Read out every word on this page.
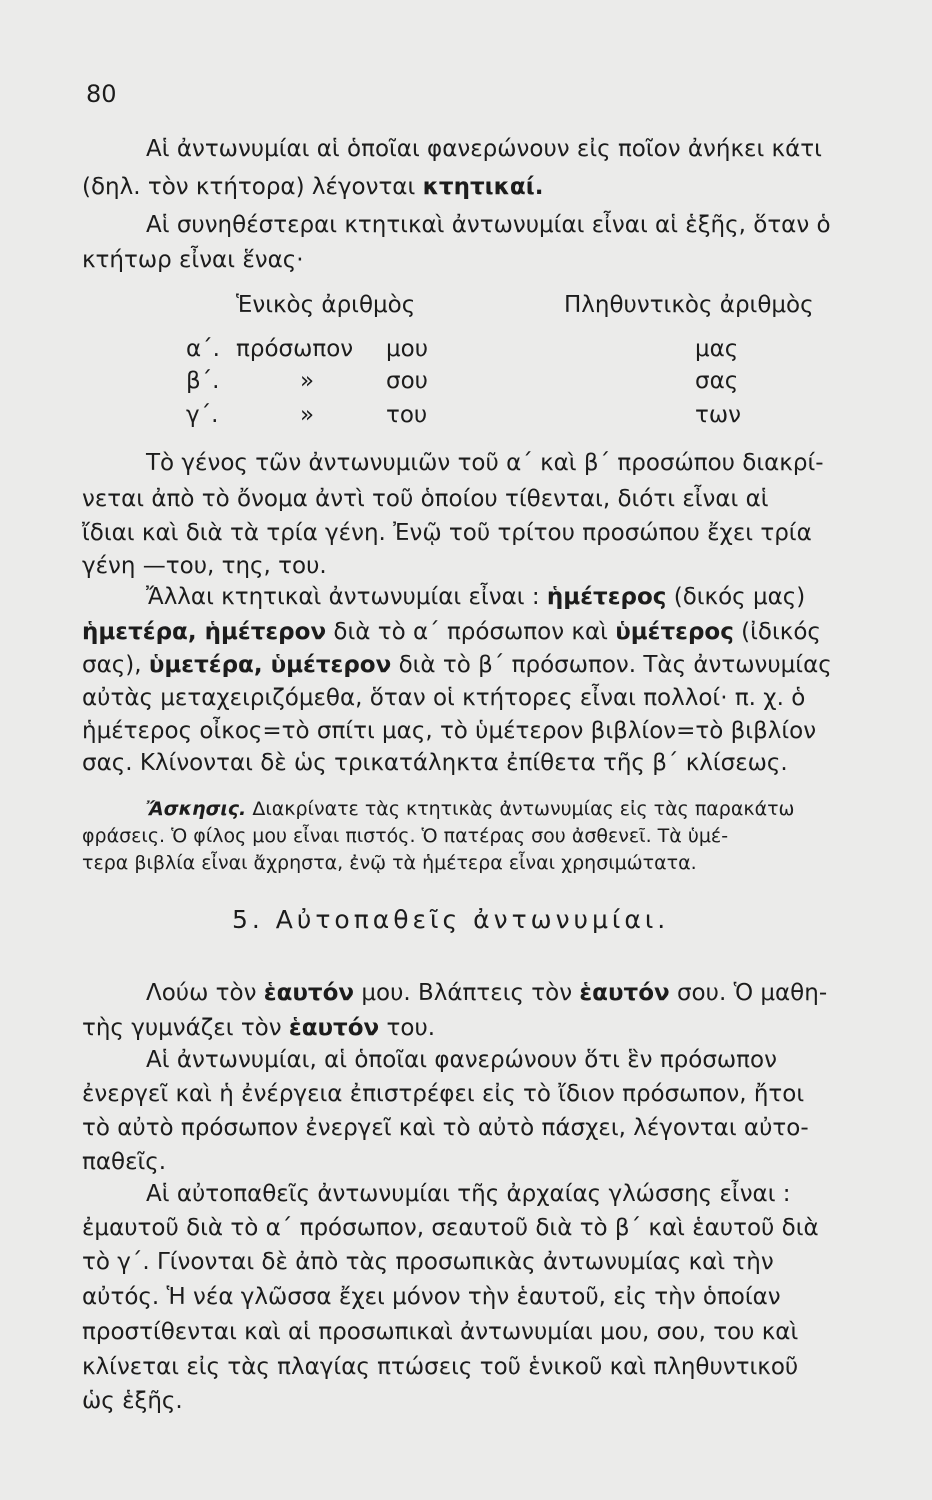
80
Αἱ ἀντωνυμίαι αἱ ὁποῖαι φανερώνουν εἰς ποῖον ἀνήκει κάτι
(δηλ. τὸν κτήτορα) λέγονται κτητικαί.
Αἱ συνηθέστεραι κτητικαὶ ἀντωνυμίαι εἶναι αἱ ἑξῆς, ὅταν ὁ
κτήτωρ εἶναι ἕνας·
Ἑνικὸς ἀριθμὸς	Πληθυντικὸς ἀριθμὸς
α΄. πρόσωπον μου	μας
β΄.	»	σου	σας
γ΄.	»	του	των
Τὸ γένος τῶν ἀντωνυμιῶν τοῦ α΄ καὶ β΄ προσώπου διακρί-
νεται ἀπὸ τὸ ὄνομα ἀντὶ τοῦ ὁποίου τίθενται, διότι εἶναι αἱ
ἴδιαι καὶ διὰ τὰ τρία γένη. Ἐνῷ τοῦ τρίτου προσώπου ἔχει τρία
γένη —του, της, του.
Ἄλλαι κτητικαὶ ἀντωνυμίαι εἶναι : ἡμέτερος (δικός μας)
ἡμετέρα, ἡμέτερον διὰ τὸ α΄ πρόσωπον καὶ ὑμέτερος (ἰδικός
σας), ὑμετέρα, ὑμέτερον διὰ τὸ β΄ πρόσωπον. Τὰς ἀντωνυμίας
αὐτὰς μεταχειριζόμεθα, ὅταν οἱ κτήτορες εἶναι πολλοί· π. χ. ὁ
ἡμέτερος οἶκος=τὸ σπίτι μας, τὸ ὑμέτερον βιβλίον=τὸ βιβλίον
σας. Κλίνονται δὲ ὡς τρικατάληκτα ἐπίθετα τῆς β΄ κλίσεως.
Ἄσκησις. Διακρίνατε τὰς κτητικὰς ἀντωνυμίας εἰς τὰς παρακάτω
φράσεις. Ὁ φίλος μου εἶναι πιστός. Ὁ πατέρας σου ἀσθενεῖ. Τὰ ὑμέ-
τερα βιβλία εἶναι ἄχρηστα, ἐνῷ τὰ ἡμέτερα εἶναι χρησιμώτατα.
5. Αὐτοπαθεῖς ἀντωνυμίαι.
Λούω τὸν ἑαυτόν μου. Βλάπτεις τὸν ἑαυτόν σου. Ὁ μαθη-
τὴς γυμνάζει τὸν ἑαυτόν του.
Αἱ ἀντωνυμίαι, αἱ ὁποῖαι φανερώνουν ὅτι ἓν πρόσωπον
ἐνεργεῖ καὶ ἡ ἐνέργεια ἐπιστρέφει εἰς τὸ ἴδιον πρόσωπον, ἤτοι
τὸ αὐτὸ πρόσωπον ἐνεργεῖ καὶ τὸ αὐτὸ πάσχει, λέγονται αὐτο-
παθεῖς.
Αἱ αὐτοπαθεῖς ἀντωνυμίαι τῆς ἀρχαίας γλώσσης εἶναι :
ἐμαυτοῦ διὰ τὸ α΄ πρόσωπον, σεαυτοῦ διὰ τὸ β΄ καὶ ἑαυτοῦ διὰ
τὸ γ΄. Γίνονται δὲ ἀπὸ τὰς προσωπικὰς ἀντωνυμίας καὶ τὴν
αὐτός. Ἡ νέα γλῶσσα ἔχει μόνον τὴν ἑαυτοῦ, εἰς τὴν ὁποίαν
προστίθενται καὶ αἱ προσωπικαὶ ἀντωνυμίαι μου, σου, του καὶ
κλίνεται εἰς τὰς πλαγίας πτώσεις τοῦ ἑνικοῦ καὶ πληθυντικοῦ
ὡς ἑξῆς.
